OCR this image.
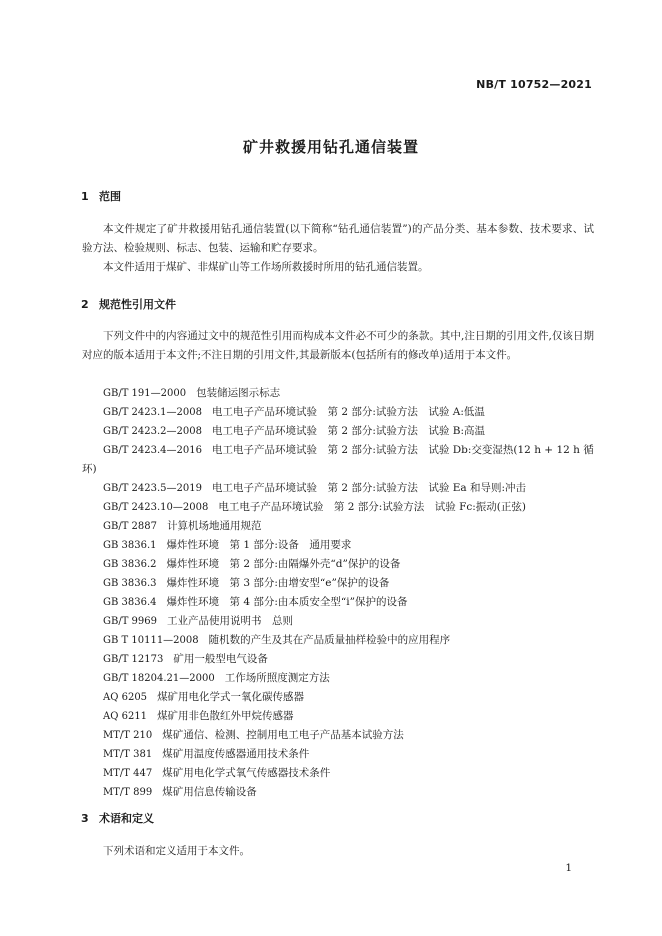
NB/T 10752—2021
矿井救援用钻孔通信装置
1 范围

本文件规定了矿井救援用钻孔通信装置(以下简称“钻孔通信装置”)的产品分类、基本参数、技术要求、试验方法、检验规则、标志、包装、运输和贮存要求。

本文件适用于煤矿、非煤矿山等工作场所救援时所用的钻孔通信装置。

2 规范性引用文件

下列文件中的内容通过文中的规范性引用而构成本文件必不可少的条款。其中,注日期的引用文件,仅该日期对应的版本适用于本文件;不注日期的引用文件,其最新版本(包括所有的修改单)适用于本文件。

GB/T 191—2000 包装储运图示标志
GB/T 2423.1—2008 电工电子产品环境试验　第 2 部分:试验方法　试验 A:低温
GB/T 2423.2—2008 电工电子产品环境试验　第 2 部分:试验方法　试验 B:高温

GB/T 2423.4—2016 电工电子产品环境试验　第 2 部分:试验方法　试验 Db:交变湿热(12 h + 12 h 循环)

GB/T 2423.5—2019 电工电子产品环境试验　第 2 部分:试验方法　试验 Ea 和导则:冲击
GB/T 2423.10—2008 电工电子产品环境试验　第 2 部分:试验方法　试验 Fc:振动(正弦)
GB/T 2887 计算机场地通用规范
GB 3836.1 爆炸性环境　第 1 部分:设备　通用要求
GB 3836.2 爆炸性环境　第 2 部分:由隔爆外壳“d”保护的设备
GB 3836.3 爆炸性环境　第 3 部分:由增安型“e”保护的设备
GB 3836.4 爆炸性环境　第 4 部分:由本质安全型“i”保护的设备
GB/T 9969 工业产品使用说明书　总则
GB T 10111—2008 随机数的产生及其在产品质量抽样检验中的应用程序
GB/T 12173 矿用一般型电气设备
GB/T 18204.21—2000 工作场所照度测定方法
AQ 6205 煤矿用电化学式一氧化碳传感器
AQ 6211 煤矿用非色散红外甲烷传感器
MT/T 210 煤矿通信、检测、控制用电工电子产品基本试验方法
MT/T 381 煤矿用温度传感器通用技术条件
MT/T 447 煤矿用电化学式氧气传感器技术条件
MT/T 899 煤矿用信息传输设备
3 术语和定义

下列术语和定义适用于本文件。

1
